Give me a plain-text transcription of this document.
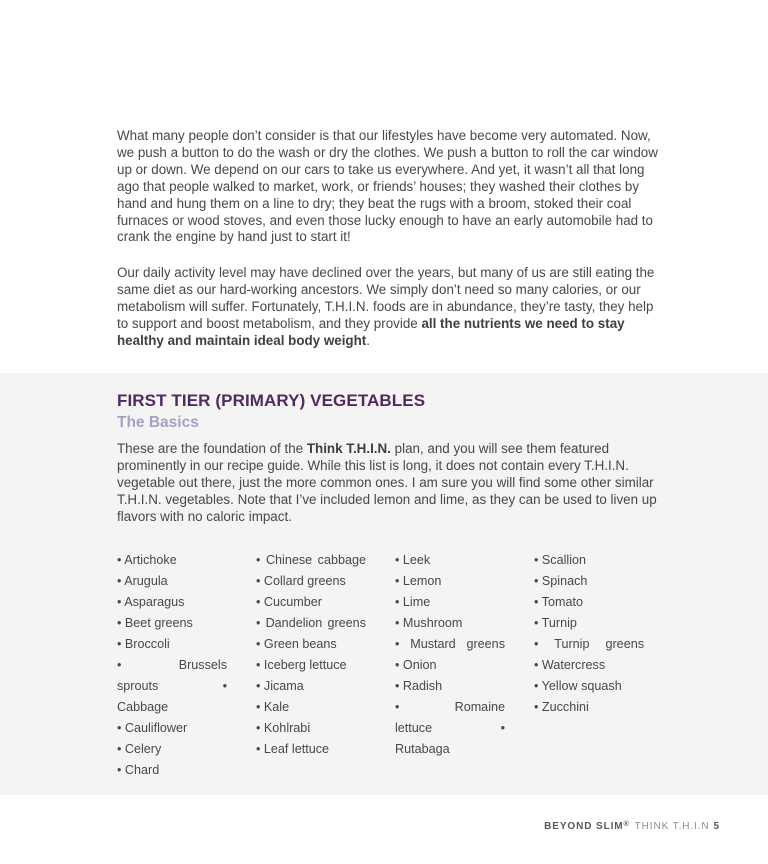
What many people don’t consider is that our lifestyles have become very automated. Now, we push a button to do the wash or dry the clothes. We push a button to roll the car window up or down. We depend on our cars to take us everywhere. And yet, it wasn’t all that long ago that people walked to market, work, or friends’ houses; they washed their clothes by hand and hung them on a line to dry; they beat the rugs with a broom, stoked their coal furnaces or wood stoves, and even those lucky enough to have an early automobile had to crank the engine by hand just to start it!

Our daily activity level may have declined over the years, but many of us are still eating the same diet as our hard-working ancestors. We simply don’t need so many calories, or our metabolism will suffer. Fortunately, T.H.I.N. foods are in abundance, they’re tasty, they help to support and boost metabolism, and they provide all the nutrients we need to stay healthy and maintain ideal body weight.

FIRST TIER (PRIMARY) VEGETABLES
The Basics

These are the foundation of the Think T.H.I.N. plan, and you will see them featured prominently in our recipe guide. While this list is long, it does not contain every T.H.I.N. vegetable out there, just the more common ones. I am sure you will find some other similar T.H.I.N. vegetables. Note that I’ve included lemon and lime, as they can be used to liven up flavors with no caloric impact.

• Artichoke
• Arugula
• Asparagus
• Beet greens
• Broccoli
• Brussels
sprouts •
Cabbage
• Cauliflower
• Celery
• Chard
• Chinese cabbage
• Collard greens
• Cucumber
• Dandelion greens
• Green beans
• Iceberg lettuce
• Jicama
• Kale
• Kohlrabi
• Leaf lettuce
• Leek
• Lemon
• Lime
• Mushroom
• Mustard greens
• Onion
• Radish
• Romaine
lettuce •
Rutabaga
• Scallion
• Spinach
• Tomato
• Turnip
• Turnip greens
• Watercress
• Yellow squash
• Zucchini
BEYOND SLIM® THINK T.H.I.N 5
